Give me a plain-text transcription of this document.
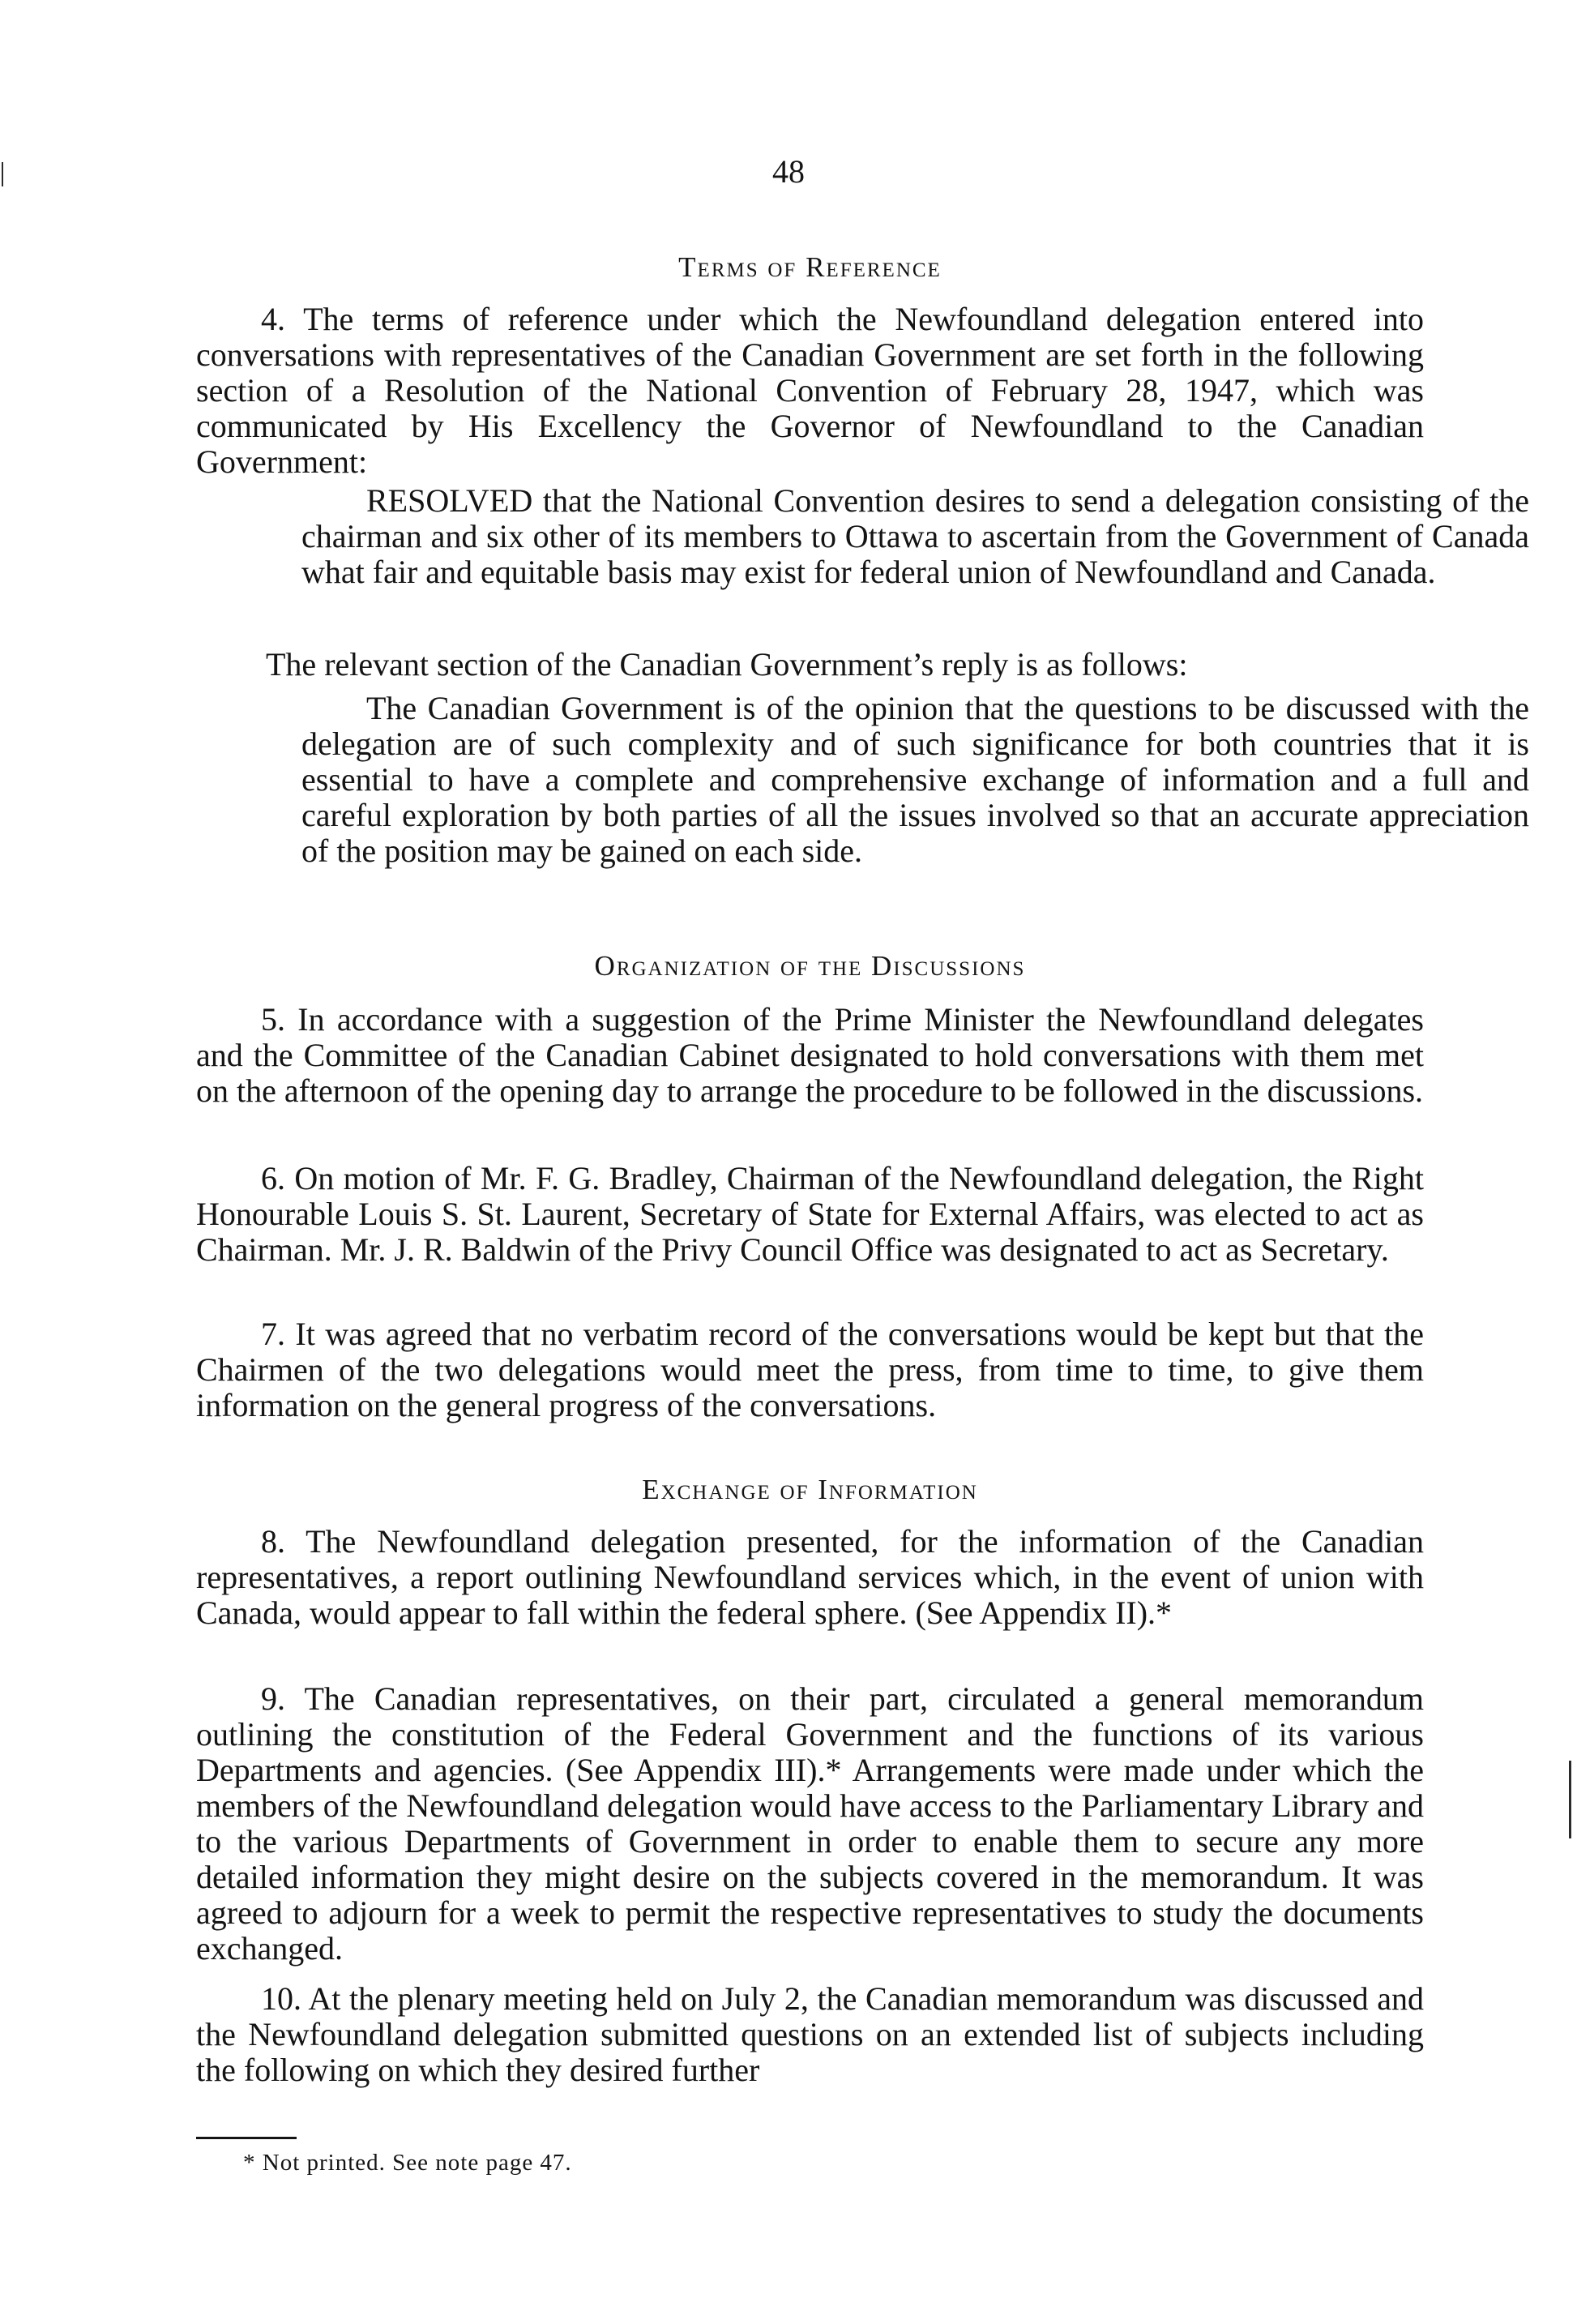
48
Terms of Reference

4. The terms of reference under which the Newfoundland delegation entered into conversations with representatives of the Canadian Government are set forth in the following section of a Resolution of the National Convention of February 28, 1947, which was communicated by His Excellency the Governor of Newfoundland to the Canadian Government:

RESOLVED that the National Convention desires to send a delegation consisting of the chairman and six other of its members to Ottawa to ascertain from the Government of Canada what fair and equitable basis may exist for federal union of Newfoundland and Canada.

The relevant section of the Canadian Government’s reply is as follows:

The Canadian Government is of the opinion that the questions to be discussed with the delegation are of such complexity and of such significance for both countries that it is essential to have a complete and comprehensive exchange of information and a full and careful exploration by both parties of all the issues involved so that an accurate appreciation of the position may be gained on each side.

Organization of the Discussions

5. In accordance with a suggestion of the Prime Minister the Newfoundland delegates and the Committee of the Canadian Cabinet designated to hold conversations with them met on the afternoon of the opening day to arrange the procedure to be followed in the discussions.

6. On motion of Mr. F. G. Bradley, Chairman of the Newfoundland delegation, the Right Honourable Louis S. St. Laurent, Secretary of State for External Affairs, was elected to act as Chairman. Mr. J. R. Baldwin of the Privy Council Office was designated to act as Secretary.

7. It was agreed that no verbatim record of the conversations would be kept but that the Chairmen of the two delegations would meet the press, from time to time, to give them information on the general progress of the conversations.

Exchange of Information

8. The Newfoundland delegation presented, for the information of the Canadian representatives, a report outlining Newfoundland services which, in the event of union with Canada, would appear to fall within the federal sphere. (See Appendix II).*

9. The Canadian representatives, on their part, circulated a general memorandum outlining the constitution of the Federal Government and the functions of its various Departments and agencies. (See Appendix III).* Arrangements were made under which the members of the Newfoundland delegation would have access to the Parliamentary Library and to the various Departments of Government in order to enable them to secure any more detailed information they might desire on the subjects covered in the memorandum. It was agreed to adjourn for a week to permit the respective representatives to study the documents exchanged.

10. At the plenary meeting held on July 2, the Canadian memorandum was discussed and the Newfoundland delegation submitted questions on an extended list of subjects including the following on which they desired further

* Not printed. See note page 47.
